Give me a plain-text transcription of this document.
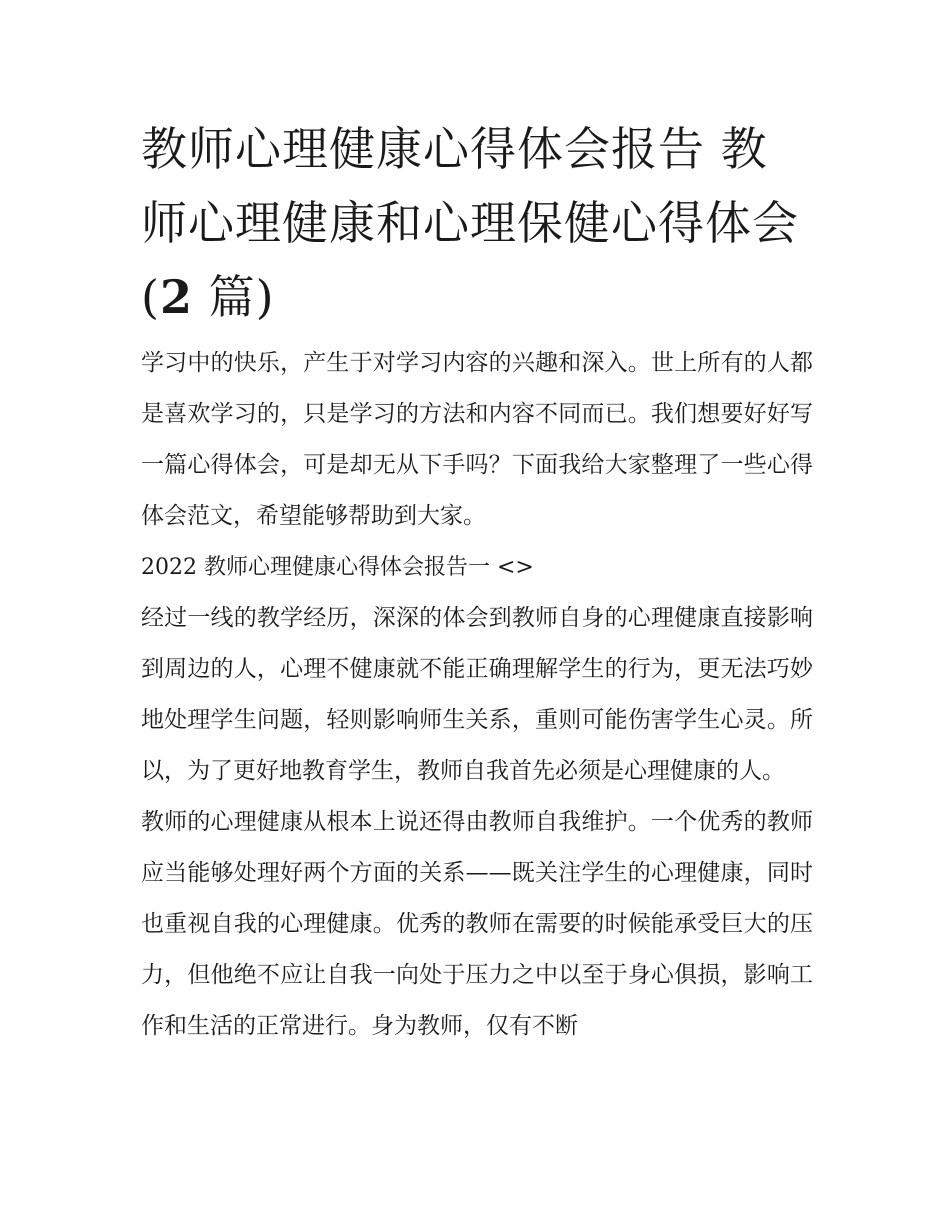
教师心理健康心得体会报告 教师心理健康和心理保健心得体会(2 篇)

学习中的快乐，产生于对学习内容的兴趣和深入。世上所有的人都是喜欢学习的，只是学习的方法和内容不同而已。我们想要好好写一篇心得体会，可是却无从下手吗？下面我给大家整理了一些心得体会范文，希望能够帮助到大家。

2022 教师心理健康心得体会报告一 <>

经过一线的教学经历，深深的体会到教师自身的心理健康直接影响到周边的人，心理不健康就不能正确理解学生的行为，更无法巧妙地处理学生问题，轻则影响师生关系，重则可能伤害学生心灵。所以，为了更好地教育学生，教师自我首先必须是心理健康的人。

教师的心理健康从根本上说还得由教师自我维护。一个优秀的教师应当能够处理好两个方面的关系——既关注学生的心理健康，同时也重视自我的心理健康。优秀的教师在需要的时候能承受巨大的压力，但他绝不应让自我一向处于压力之中以至于身心俱损，影响工作和生活的正常进行。身为教师，仅有不断
